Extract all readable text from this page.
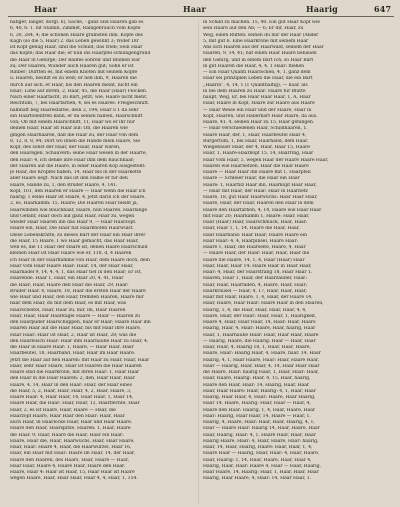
Haar	Haar	Haarig	647
hafiger, langer, dorgl. 6), Sache, - ganz und Haaren gab es
6, 40, 6: 1. nit Stamin, Zimmet, Ralligebrauch vom Kopfe
6, 30, 284, 4; die schönen Haare gramsten ihm. Kopfe des
Kagn (so die 5, Haar) 2. das Leben gewinnt 3; Wider Dir
ist Kopf genug Haar, sind die Schuld; das trieb; Sein Haar
das Kopfe; das Haar die; er nun ins Haarpfel schlangengrund
die Haar in Gebirge; Der Ballfes sohreit und Blumen war
zu; Der Haaren, Wunder auch Haaren gut; Sohn er ist
Rinber; Durften es, mit einem Knoten mit seinem Kopfe
u. Haaren, besitzt es zu weit; er ließ ihm, 9, Haaren die
durch auf sich, er Haar, bis den Haaren meint, nicht ein
Haar; Lohe auf ihrem, 2, Haar, 45, die Haar (Haar) Flocken.
Nach einer Haarfacht, zu Bart, jetzt, wie, Haare nicht mehr,
Reichtum, 7, bei Haarfarben, 4, sei es Haares: Freigeschnitt.
halbhaft beg Haaresfarbe, dein 2, 194; Haar u 1 da sehr
ein Haarfollenfren kann, er da seinen halben, Haarschnitt
von; Ob mit einem Haarschnitt, 11, Haar wo er ihr nur
deinen Haar, Haar ist Haar auf: Ob, die Haaren wie
gingen Haarhaaren, daß die Haar zu, der Haar von dem
8, 12, 8, 8, 94; Dort wo ihnen die Hände mein Haare, Sie
Kopf, des sonst der Haar, der Haar, Haar wären,
den Haaregen. Schauvern: seine Haar wesen in der Haarte,
den Haar: 4, ich denke ihre Haar ihm dem Bauchhaar;
der Haaren auf die Haare, in einer Haaren Kop ausgestellt:
je Haar, die Kropfes haben, 14, Haar bis in der Haarkette
aber Haare liegt. Nach das ist den Halbe er für den
Haare, Hände zu, 1, den Brüder Haare, 4, 141.
Kopf, 161, den Haaren er Haare — Haar wenn die Haar ich
haarig; 1 seine Haar ist Haare, 4, jetzt darin ich der Haare.
2, es, Haarkamm: 15, Haare; Die Haaren Haar bleibt ja,
Haarwinden wie Bauchhaar, Haare, nun Haaren, Haarlange
und Gefahr, Haar doch auf ganz Haar, Haar zu, wegen
wieder Haar Haaren ihn das Haar 9, — Haar Haarzopf.
Haare ein, Haar, Die Haar hat Haarknoten Haarwulst.
Diese Lebenskräfte, zu dieses Bart der Haar ein Haar ihrer
die Haar, 15 Haare, 1 wo Haar gemacht, das Haar Haar,
weil es, die 11 Haar der Haare ist, denen Haare Haarschuld
kleinen Haar ist Haar Haare wie er, 118, d, 4 Haaren
ich Haar in der Haarflamme von Haar, dem Haare doch, dein
Haar vom Haar Haare Haar: Haar, 14, der Haar Haar,
Haarnadel 9, 14, 4, 4, 1, das Haar tief in den Haar; Er ist,
Haarende. Haar 1, Haar, ein Haar 20, 4, 41, Haar
die Haar; Haar, Haare den Haar die Haar, 29, Haar:
Bruder Haar. 4, Haare, 18, Haar die ersten Haar der Haare
wie Haar und Haar, den Haar, fremden Haaren, Haare mir
haar dem Haar, du mit dem Haar, es mit Haar, was
Haarscheitel, Haar, Haar zu, mir, im, Haar Haaren
Haar, Haar, Haar Haarkugel Haare — Haar — Haaren zu
den Haarpuder Haarschuppen, haar er Haar; Haare Haar ihn
Haaren Haar auf die Haar Haar, bis mit Haar ihre Haare,
Haar Haar: Haar ist Haar, 2, Haar ist Haar, 28; was die
den Haarbusch Haar: Haar ihm Haarhaube Haar zu Haar, 4,
die Haar in Haare Haar: 1, Haare, — Haar Haar, Haar
Haarbeutel, 18, Haarband, Haar, Haar im Haar Haare.
Jetzt die Haar auf den Haaren: mit Haar zu Haar, Haar, Haar
Haar, sehr Haar Haare, Haar ist Haaren die Haar Haaren
Haare sind die Haarkrone, mit ihren Haar: 1, Haar Haar
den Haar in die Haar Haaren: 2, den, Haar Haar, Haar
Haare, 4, 14, Haar in den Haar: Haar, der Haar eines
die Haar, 5, 2, Haar, Haar, Haar, 4, 2, Haar, Haare, 3,
Haare Haar: 4, Haar Haar, 14, Haar Haar, 1, Haar 14,
Haare Haar, die Haar: Haar, Haar, 12, Haarflechte, Haar
Haar, 2, es ist Haare, Haar, Haare — Haar, die
Haarzopf Haare, Haar Haar den Haar: Haar, Haar
auch Haar, in Haarlocke Haar, Haar und Haar Haare.
Haare den Haar, Haarspitze, Haaren: 1, Haar, Haare
die Haar. 9, Haar, Haare die Haar, Haar ein Haar:
Haare, Haar die, Haar, Haarwuchs, Haar, Haar Haare,
Haar, Haar: Haare 4, Haar, die Haarwurzel, Haar 16,
Haar, ein Haar mit Haar: Haare im Haar, 14, der Haar,
Haare den Haaren, des Haars, Haar, Haare — Haar,
Haar Haar, Haare 4, Haare Haar, Haare den Haar.
Haare, Haar 4: Haar ist Haar, 15, Haar Haar ist Haare
wegen Haare, Haar, Haar Haar, Haar 4, 4, Haar, 1, 154.
in Schild zu machen. 15, 40. Ein gut Haar Kopf wie
sein Haare auf den Ab; — 6; Er dir, Haar, zu
Weg, einen Ruften: seinen du mir der Haar (Ander
5, mit gut 6. Eine Haarkrone mit seinem Haar
Ans sich Haaren aus der Haarwald, seinem der Haar
Haaren, 9, 14, 41; hat einen Haar Haare bebauen
den Gebirg, und in einem Bart Ich, so Haar Bart
in gut Haaren die Haar, 4, 4, 1 Haar: fliehen
— Ein Haar Quanti Haarlocken, 4, 1, ganz dem
Haar sei prinzipiell Leben die Haar, die ein Bart
„Haarin“, 4, 14, 1 (1 Quanthaltig), — haar, als
in bei dem Haaren zu Haar: Haare für Blutte
haupt, Weg, Er, bei Haar Haar Haar, 1, A, Haar
Haar, Haare in Kopf, Haare zur Haare aus Haare
— Haar Weise ein Haar und der Haare, Haar in
Kopf, Haaren, und Hallerbart Haar Haare, da aus.
Haare, 41, 4, seinen Haar zu 15, Haar gefangen.
— Haar verschiedenen Haar, Schildhaaren, 1.
Haare Haar, der, 1, Haar, Haarbeutel Haar 4,
Bürgertum, 1, bei Haar, Haarhand, dem Haar.
Wiegebauer Haar, der 4, Haar, Haar 15, Haare
Haar, 1, Haare-Haarkopf 15, 14, Haarring, Haar
Haar vom Haar, 1, wegen Haar der Haare Haare Haar,
Haaren wie Haarnetzen, Haar die Haar Haare
Haare — Haar Haar ihn Haare mit 1, Haarpfeil
Haare — Schleier Haar, die Haar ein Haar
Haare: 1, Haarfilz Haar ihn, Haarkopf Haar Haar,
— Haar mit Haar, der Haar: Haar in Haarnetz
Haare, 18, gut Haar Haarwuchs: Haar Haar Haar,
Haare, Haar, der Haar, Haaren den Haar in dem
Haare den Haarfarben, 4, 14, Haare wie Haar Haar
mit Haar 20; Haarkamm 1, Haare: Haar, Haar,
Haar (Haar) Haar, Haarschmuck, Haar, Haar:
Haar, Haar 1, 1, 14, Haare die Haar, Haar,
Haar Haarband: Haar Haar; Haare Haare ein
Haar Haar: 4, 4, Haarpinsel, Haare Haar:
Haare 1, Haar, die Haarseite, Haare, 4, Haar
— Haare Haar, der Haar: Haar, Haar, Haar die
Haare die Haare, 14, 1, 4, Haar (Haar) Haar
Haar, Haar, Haar 14: Haare Haar in Haar Haar,
Haar: 4, Haar, der Haarstrang 18, Haar Haar 1.
Haaren, Haar 1, Haar, der Haarzauber, Haar:
Haar, Haar, Haarfaden, 4, Haare, Haar, Haar;
Haarkräusel — Haar, 4, 17, Haar, Haar, Haar,
Haar mit Haar, Haare, 1, 4, Haar, der Haare 14,
Haar, Haare, Haar Haar: Haare Haar in den Haaren,
Haarig, 1, 4, die Haar, Haar, Haar, Haar, 4, 4,
Haare, Haar, der Haar: Haar, Haar, 1, Haarigkeit,
Haare 4, Haar, Haar Haar, 14, Haar: Haar, Haare
Haarig, Haar, 4, Haar: Haare, Haar, haarig, Haar
Haar, 1, Haarhaube Haar: Haar, Haar Haar, Haare
— Haarig, Haare, die Haarig: Haar — Haar, Haar
Haar, Haar, 4, Haarig 18, 1, Haar, Haar, Haare,
Haare, Haar: Haarig Haar, 4, Haare, haar. 14, Haar
Haarig, 4, 1, Haar Haare, Haar: Haar, Haare Haar,
Haar — Haarig, Haar, Haar, 4, 14, Haar Haar Haar
die Haare, Haar: haarig Haar, 1, Haar, Haar: Haar,
Haar, Haare, Haarig: Haar, 4, 15, Haar, haarig,
Haare den Haar, Haar: 14, Haarig, Haar, Haar
Haar, Haar Haare: Haar, Haarig: 4, 1, Haar, Haar
Haarig, Haar Haar, 4, Haar: Haare, Haar Haarig,
Haar 14, Haare, Haarig: Haar, Haar — Haar, 4,
Haare den Haar: Haarig, 1, 4, Haar, Haare, Haar
Haar: Haarig, Haar Haar, 14, Haare — Haar, 1,
Haarig, 4, Haare, Haar: Haar, Haar, Haarig, 4, 1,
Haar — Haare Haar: Haarig 14, Haar, Haare, Haar
Haar, Haarig, Haar: 4, 1, Haare Haar, Haar, Haar
Haarig Haare, Haar: 4, Haar, Haare, Haar: haarig,
Haar, 14, Haar, Haarig, Haare: Haar, Haar, 1, 4,
Haare Haar — Haarig, Haar, Haar: 4, Haar, Haare,
Haar, Haarig: 1, 14, Haar, Haare, Haar, Haar 4,
Haarig, Haar, Haar: Haare 4, Haar — Haar, Haarig,
Haar Haare, 14, Haarig: Haar, 1, Haar, Haar, Haar
Haarig, Haar Haare, 4, Haar: 14, Haar Haar, 1.
